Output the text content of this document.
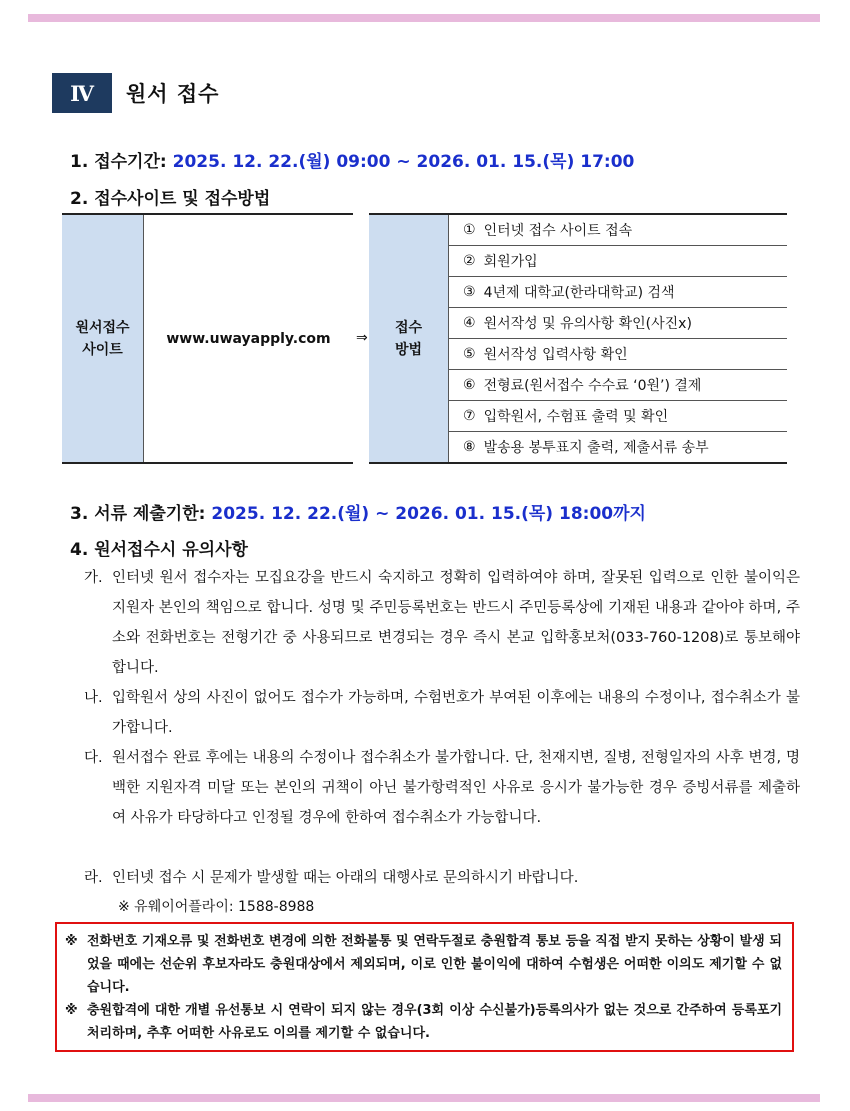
Ⅳ	원서 접수
1. 접수기간: 2025. 12. 22.(월) 09:00 ~ 2026. 01. 15.(목) 17:00
2. 접수사이트 및 접수방법
원서접수
사이트
www.uwayapply.com	⇒
접수
방법
① 인터넷 접수 사이트 접속
② 회원가입
③ 4년제 대학교(한라대학교) 검색
④ 원서작성 및 유의사항 확인(사진x)
⑤ 원서작성 입력사항 확인
⑥ 전형료(원서접수 수수료 ‘0원’) 결제
⑦ 입학원서, 수험표 출력 및 확인
⑧ 발송용 봉투표지 출력, 제출서류 송부
3. 서류 제출기한: 2025. 12. 22.(월) ~ 2026. 01. 15.(목) 18:00까지
4. 원서접수시 유의사항
가. 인터넷 원서 접수자는 모집요강을 반드시 숙지하고 정확히 입력하여야 하며, 잘못된 입력으로 인한 불이익은 지원자 본인의 책임으로 합니다. 성명 및 주민등록번호는 반드시 주민등록상에 기재된 내용과 같아야 하며, 주소와 전화번호는 전형기간 중 사용되므로 변경되는 경우 즉시 본교 입학홍보처(033-760-1208)로 통보해야 합니다.
나. 입학원서 상의 사진이 없어도 접수가 가능하며, 수험번호가 부여된 이후에는 내용의 수정이나, 접수취소가 불가합니다.
다. 원서접수 완료 후에는 내용의 수정이나 접수취소가 불가합니다. 단, 천재지변, 질병, 전형일자의 사후 변경, 명백한 지원자격 미달 또는 본인의 귀책이 아닌 불가항력적인 사유로 응시가 불가능한 경우 증빙서류를 제출하여 사유가 타당하다고 인정될 경우에 한하여 접수취소가 가능합니다.
라. 인터넷 접수 시 문제가 발생할 때는 아래의 대행사로 문의하시기 바랍니다.
※ 유웨이어플라이: 1588-8988
※ 전화번호 기재오류 및 전화번호 변경에 의한 전화불통 및 연락두절로 충원합격 통보 등을 직접 받지 못하는 상황이 발생 되었을 때에는 선순위 후보자라도 충원대상에서 제외되며, 이로 인한 불이익에 대하여 수험생은 어떠한 이의도 제기할 수 없습니다.
※ 충원합격에 대한 개별 유선통보 시 연락이 되지 않는 경우(3회 이상 수신불가)등록의사가 없는 것으로 간주하여 등록포기 처리하며, 추후 어떠한 사유로도 이의를 제기할 수 없습니다.
